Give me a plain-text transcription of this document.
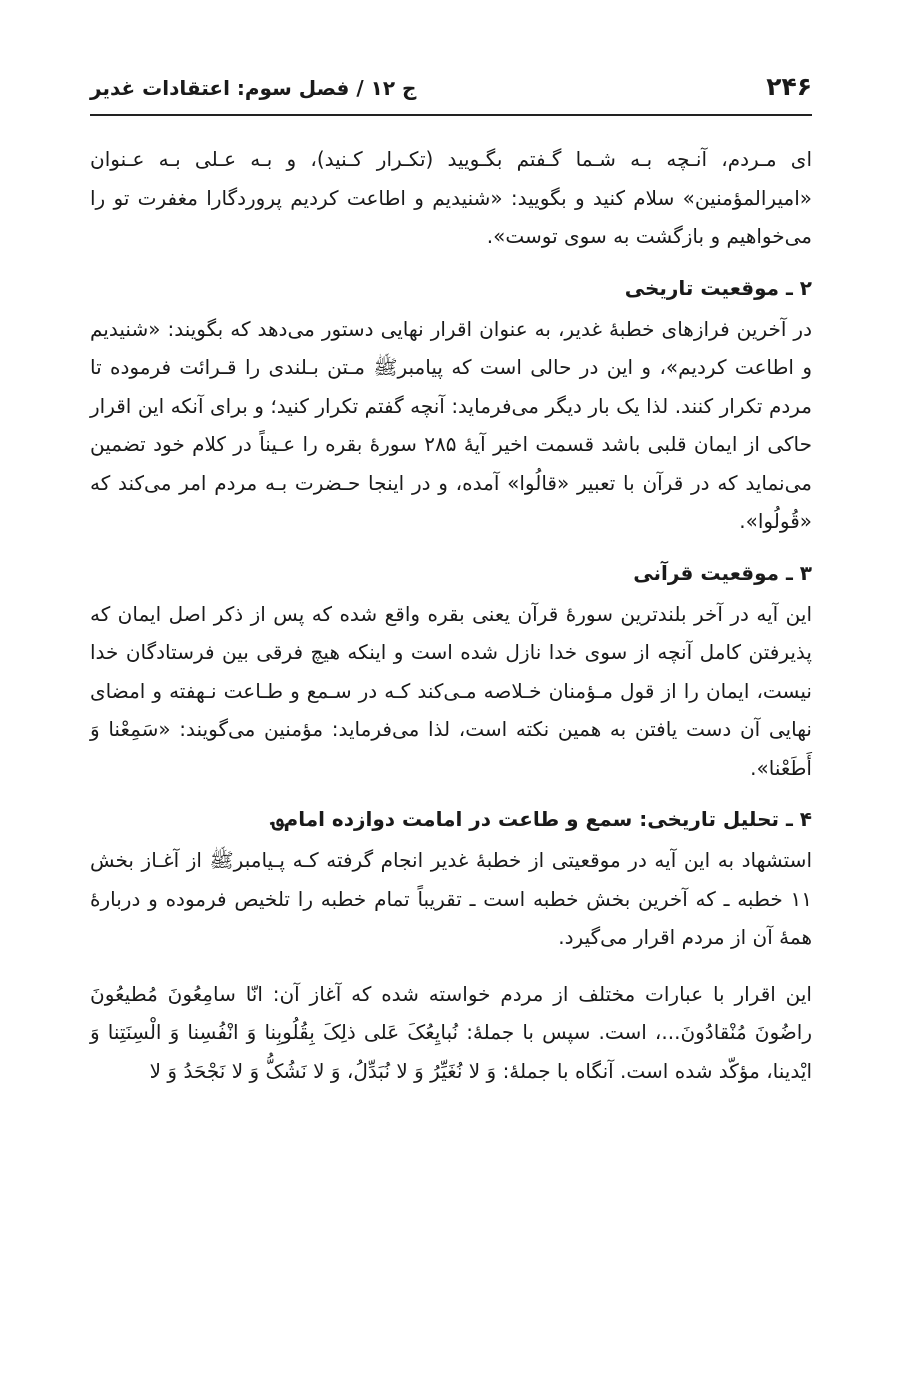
۲۴۶
ج ۱۲ / فصل سوم: اعتقادات غدیر

ای مـردم، آنـچه بـه شـما گـفتم بگـویید (تکـرار کـنید)، و بـه عـلی بـه عـنوان «امیرالمؤمنین» سلام کنید و بگویید: «شنیدیم و اطاعت کردیم پروردگارا مغفرت تو را می‌خواهیم و بازگشت به سوی توست».

۲ ـ موقعیت تاریخی

در آخرین فرازهای خطبهٔ غدیر، به عنوان اقرار نهایی دستور می‌دهد که بگویند: «شنیدیم و اطاعت کردیم»، و این در حالی است که پیامبرﷺ مـتن بـلندی را قـرائت فرموده تا مردم تکرار کنند. لذا یک بار دیگر می‌فرماید: آنچه گفتم تکرار کنید؛ و برای آنکه این اقرار حاکی از ایمان قلبی باشد قسمت اخیر آیهٔ ۲۸۵ سورهٔ بقره را عـیناً در کلام خود تضمین می‌نماید که در قرآن با تعبیر «قالُوا» آمده، و در اینجا حـضرت بـه مردم امر می‌کند که «قُولُوا».

۳ ـ موقعیت قرآنی

این آیه در آخر بلندترین سورهٔ قرآن یعنی بقره واقع شده که پس از ذکر اصل ایمان که پذیرفتن کامل آنچه از سوی خدا نازل شده است و اینکه هیچ فرقی بین فرستادگان خدا نیست، ایمان را از قول مـؤمنان خـلاصه مـی‌کند کـه در سـمع و طـاعت نـهفته و امضای نهایی آن دست یافتن به همین نکته است، لذا می‌فرماید: مؤمنین می‌گویند: «سَمِعْنا وَ أَطَعْنا».

۴ ـ تحلیل تاریخی: سمع و طاعت در امامت دوازده امام؈

استشهاد به این آیه در موقعیتی از خطبهٔ غدیر انجام گرفته کـه پـیامبرﷺ از آغـاز بخش ۱۱ خطبه ـ که آخرین بخش خطبه است ـ تقریباً تمام خطبه را تلخیص فرموده و دربارهٔ همهٔ آن از مردم اقرار می‌گیرد.

این اقرار با عبارات مختلف از مردم خواسته شده که آغاز آن: انّا سامِعُونَ مُطیعُونَ راضُونَ مُنْقادُونَ...، است. سپس با جملهٔ: نُبایِعُکَ عَلی ذلِکَ بِقُلُوبِنا وَ انْفُسِنا وَ الْسِنَتِنا وَ ایْدینا، مؤکّد شده است. آنگاه با جملهٔ: وَ لا نُغَیِّرُ وَ لا نُبَدِّلُ، وَ لا نَشُکُّ وَ لا نَجْحَدُ وَ لا
